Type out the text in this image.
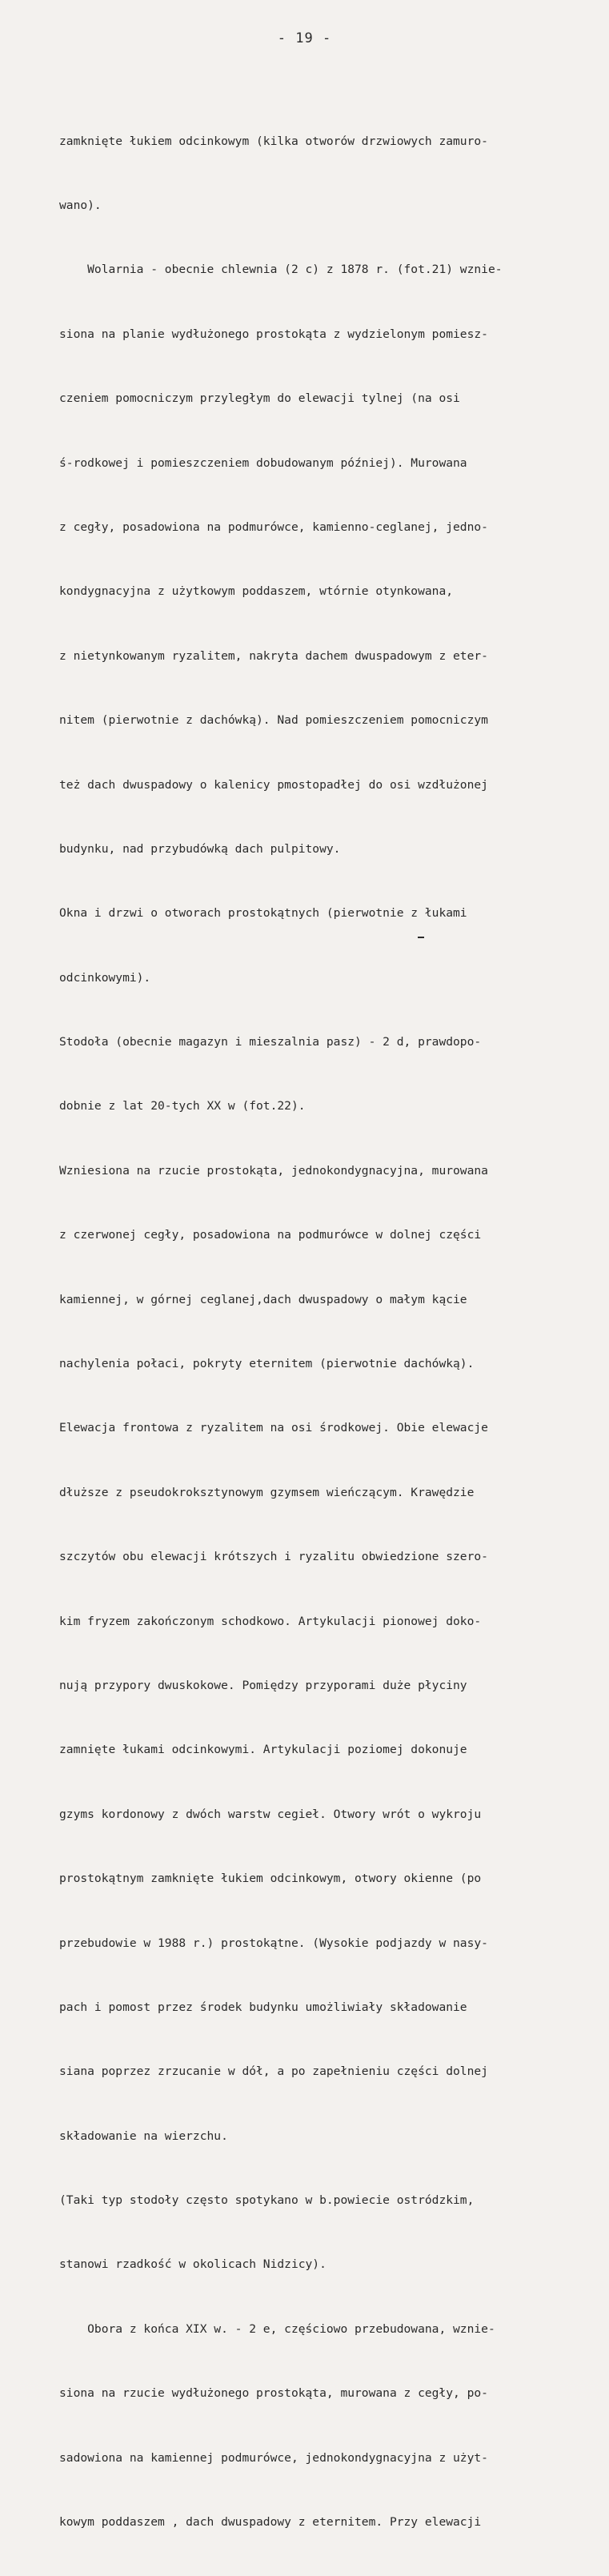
- 19 -

zamknięte łukiem odcinkowym (kilka otworów drzwiowych zamuro-

wano).

Wolarnia - obecnie chlewnia (2 c) z 1878 r. (fot.21) wznie-

siona na planie wydłużonego prostokąta z wydzielonym pomiesz-

czeniem pomocniczym przyległym do elewacji tylnej (na osi

ś-rodkowej i pomieszczeniem dobudowanym później). Murowana

z cegły, posadowiona na podmurówce, kamienno-ceglanej, jedno-

kondygnacyjna z użytkowym poddaszem, wtórnie otynkowana,

z nietynkowanym ryzalitem, nakryta dachem dwuspadowym z eter-

nitem (pierwotnie z dachówką). Nad pomieszczeniem pomocniczym

też dach dwuspadowy o kalenicy pmostopadłej do osi wzdłużonej

budynku, nad przybudówką dach pulpitowy.

Okna i drzwi o otworach prostokątnych (pierwotnie z łukami

odcinkowymi).

Stodoła (obecnie magazyn i mieszalnia pasz) - 2 d, prawdopo-

dobnie z lat 20-tych XX w (fot.22).

Wzniesiona na rzucie prostokąta, jednokondygnacyjna, murowana

z czerwonej cegły, posadowiona na podmurówce w dolnej części

kamiennej, w górnej ceglanej,dach dwuspadowy o małym kącie

nachylenia połaci, pokryty eternitem (pierwotnie dachówką).

Elewacja frontowa z ryzalitem na osi środkowej. Obie elewacje

dłuższe z pseudokroksztynowym gzymsem wieńczącym. Krawędzie

szczytów obu elewacji krótszych i ryzalitu obwiedzione szero-

kim fryzem zakończonym schodkowo. Artykulacji pionowej doko-

nują przypory dwuskokowe. Pomiędzy przyporami duże płyciny

zamnięte łukami odcinkowymi. Artykulacji poziomej dokonuje

gzyms kordonowy z dwóch warstw cegieł. Otwory wrót o wykroju

prostokątnym zamknięte łukiem odcinkowym, otwory okienne (po

przebudowie w 1988 r.) prostokątne. (Wysokie podjazdy w nasy-

pach i pomost przez środek budynku umożliwiały składowanie

siana poprzez zrzucanie w dół, a po zapełnieniu części dolnej

składowanie na wierzchu.

(Taki typ stodoły często spotykano w b.powiecie ostródzkim,

stanowi rzadkość w okolicach Nidzicy).

Obora z końca XIX w. - 2 e, częściowo przebudowana, wznie-

siona na rzucie wydłużonego prostokąta, murowana z cegły, po-

sadowiona na kamiennej podmurówce, jednokondygnacyjna z użyt-

kowym poddaszem , dach dwuspadowy z eternitem. Przy elewacji
